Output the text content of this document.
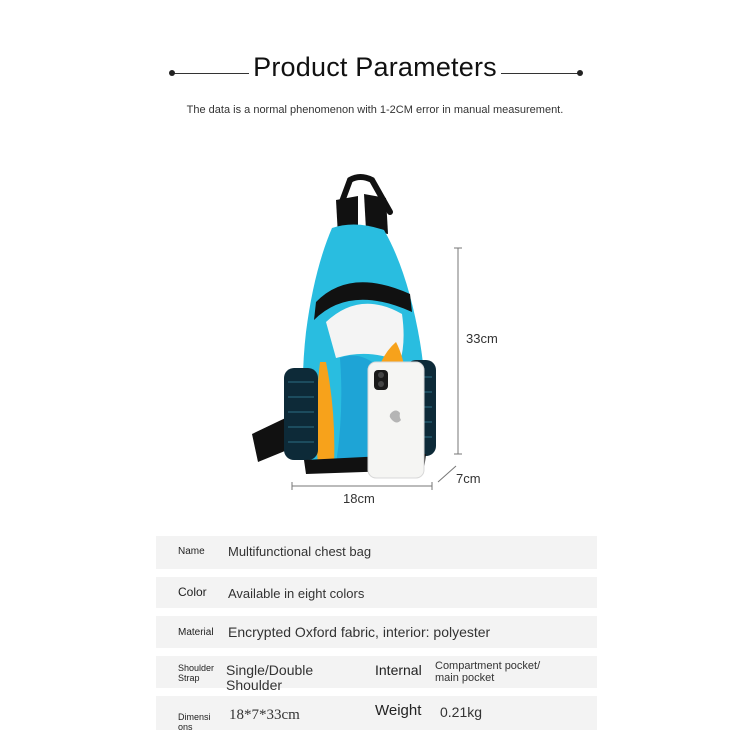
Product Parameters
The data is a normal phenomenon with 1-2CM error in manual measurement.
33cm
18cm
7cm
Name Multifunctional chest bag
Color Available in eight colors
Material Encrypted Oxford fabric, interior: polyester
Shoulder
Strap Single/Double
Shoulder
Internal Compartment pocket/
main pocket
Dimensi
ons
18*7*33cm	Weight 0.21kg
